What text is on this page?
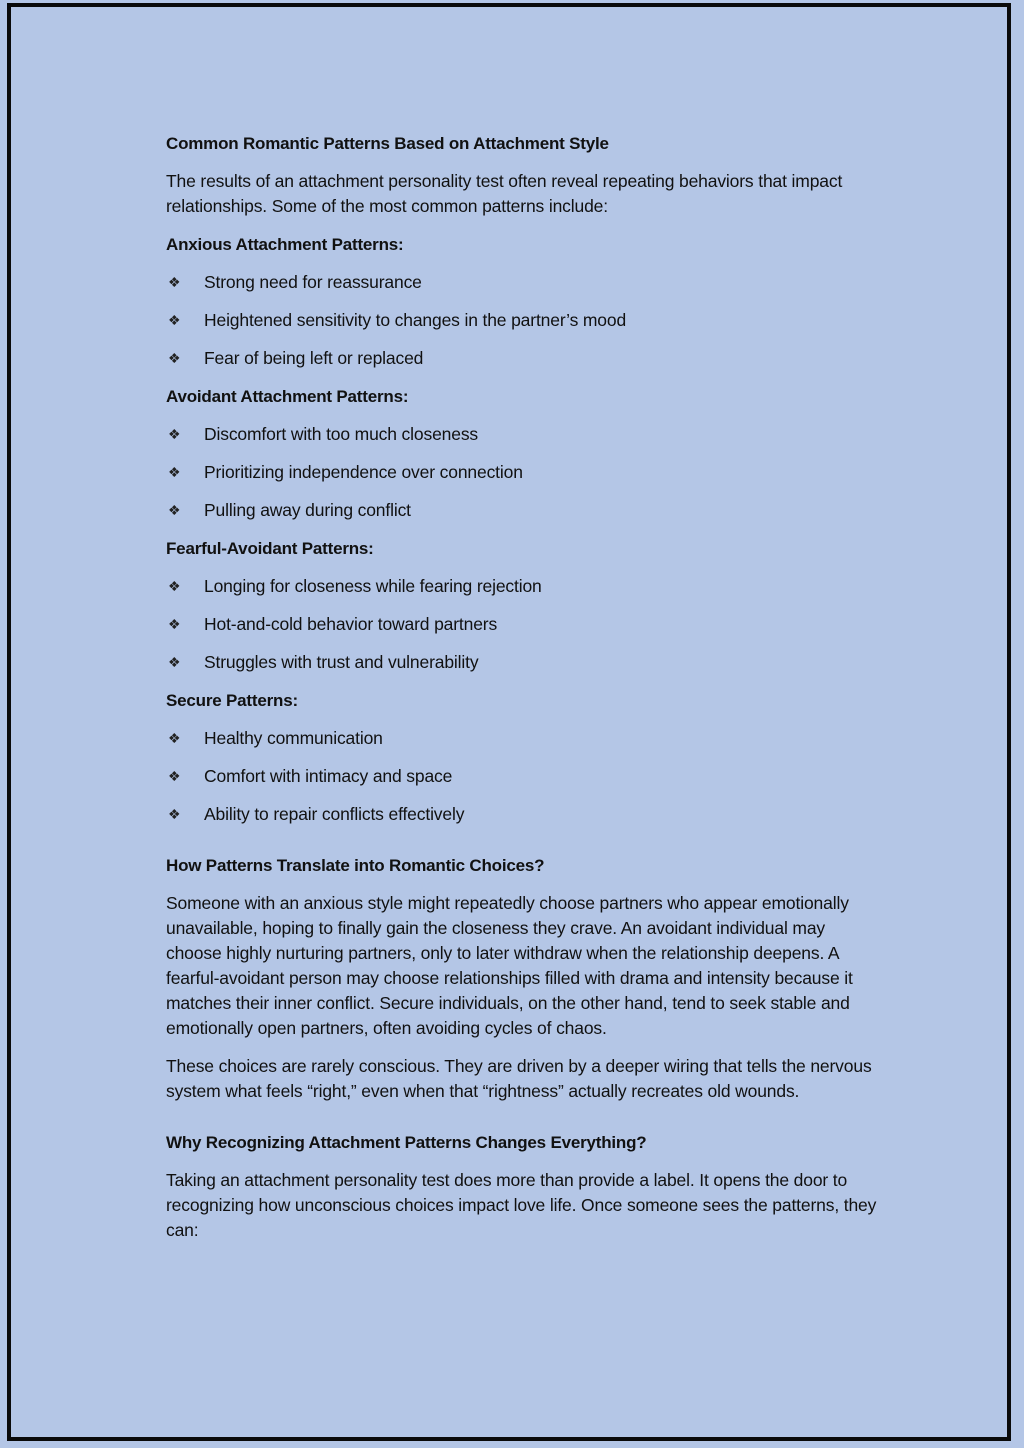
Common Romantic Patterns Based on Attachment Style
The results of an attachment personality test often reveal repeating behaviors that impact relationships. Some of the most common patterns include:
Anxious Attachment Patterns:
❖	Strong need for reassurance
❖	Heightened sensitivity to changes in the partner’s mood
❖	Fear of being left or replaced
Avoidant Attachment Patterns:
❖	Discomfort with too much closeness
❖	Prioritizing independence over connection
❖	Pulling away during conflict
Fearful-Avoidant Patterns:
❖	Longing for closeness while fearing rejection
❖	Hot-and-cold behavior toward partners
❖	Struggles with trust and vulnerability
Secure Patterns:
❖	Healthy communication
❖	Comfort with intimacy and space
❖	Ability to repair conflicts effectively
How Patterns Translate into Romantic Choices?
Someone with an anxious style might repeatedly choose partners who appear emotionally unavailable, hoping to finally gain the closeness they crave. An avoidant individual may choose highly nurturing partners, only to later withdraw when the relationship deepens. A fearful-avoidant person may choose relationships filled with drama and intensity because it matches their inner conflict. Secure individuals, on the other hand, tend to seek stable and emotionally open partners, often avoiding cycles of chaos.
These choices are rarely conscious. They are driven by a deeper wiring that tells the nervous system what feels “right,” even when that “rightness” actually recreates old wounds.
Why Recognizing Attachment Patterns Changes Everything?
Taking an attachment personality test does more than provide a label. It opens the door to recognizing how unconscious choices impact love life. Once someone sees the patterns, they can:
